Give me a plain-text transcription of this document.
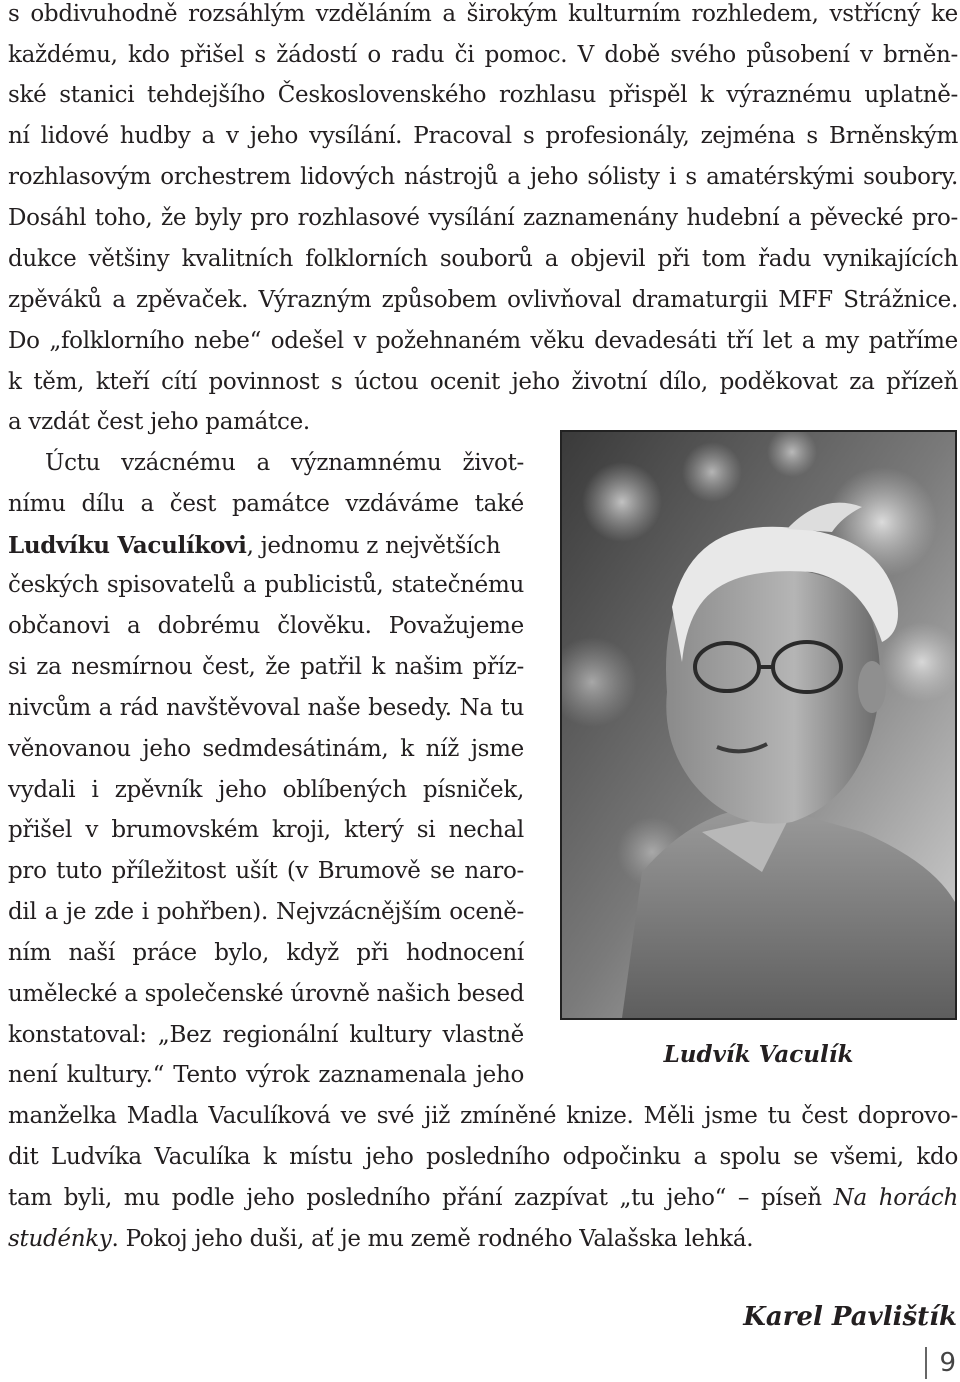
s obdivuhodně rozsáhlým vzděláním a širokým kulturním rozhledem, vstřícný ke
každému, kdo přišel s žádostí o radu či pomoc. V době svého působení v brněn-
ské stanici tehdejšího Československého rozhlasu přispěl k výraznému uplatně-
ní lidové hudby a v jeho vysílání. Pracoval s profesionály, zejména s Brněnským
rozhlasovým orchestrem lidových nástrojů a jeho sólisty i s amatérskými soubory.
Dosáhl toho, že byly pro rozhlasové vysílání zaznamenány hudební a pěvecké pro-
dukce většiny kvalitních folklorních souborů a objevil při tom řadu vynikajících
zpěváků a zpěvaček. Výrazným způsobem ovlivňoval dramaturgii MFF Strážnice.
Do „folklorního nebe“ odešel v požehnaném věku devadesáti tří let a my patříme
k těm, kteří cítí povinnost s úctou ocenit jeho životní dílo, poděkovat za přízeň
a vzdát čest jeho památce.
Úctu vzácnému a významnému život-
nímu dílu a čest památce vzdáváme také
Ludvíku Vaculíkovi, jednomu z největších
českých spisovatelů a publicistů, statečnému
občanovi a dobrému člověku. Považujeme
si za nesmírnou čest, že patřil k našim příz-
nivcům a rád navštěvoval naše besedy. Na tu
věnovanou jeho sedmdesátinám, k níž jsme
vydali i zpěvník jeho oblíbených písniček,
přišel v brumovském kroji, který si nechal
pro tuto příležitost ušít (v Brumově se naro-
dil a je zde i pohřben). Nejvzácnějším oceně-
ním naší práce bylo, když při hodnocení
umělecké a společenské úrovně našich besed
konstatoval: „Bez regionální kultury vlastně
není kultury.“ Tento výrok zaznamenala jeho
manželka Madla Vaculíková ve své již zmíněné knize. Měli jsme tu čest doprovo-
dit Ludvíka Vaculíka k místu jeho posledního odpočinku a spolu se všemi, kdo
tam byli, mu podle jeho posledního přání zazpívat „tu jeho“ – píseň Na horách
studénky. Pokoj jeho duši, ať je mu země rodného Valašska lehká.
Ludvík Vaculík
Karel Pavlištík
9
